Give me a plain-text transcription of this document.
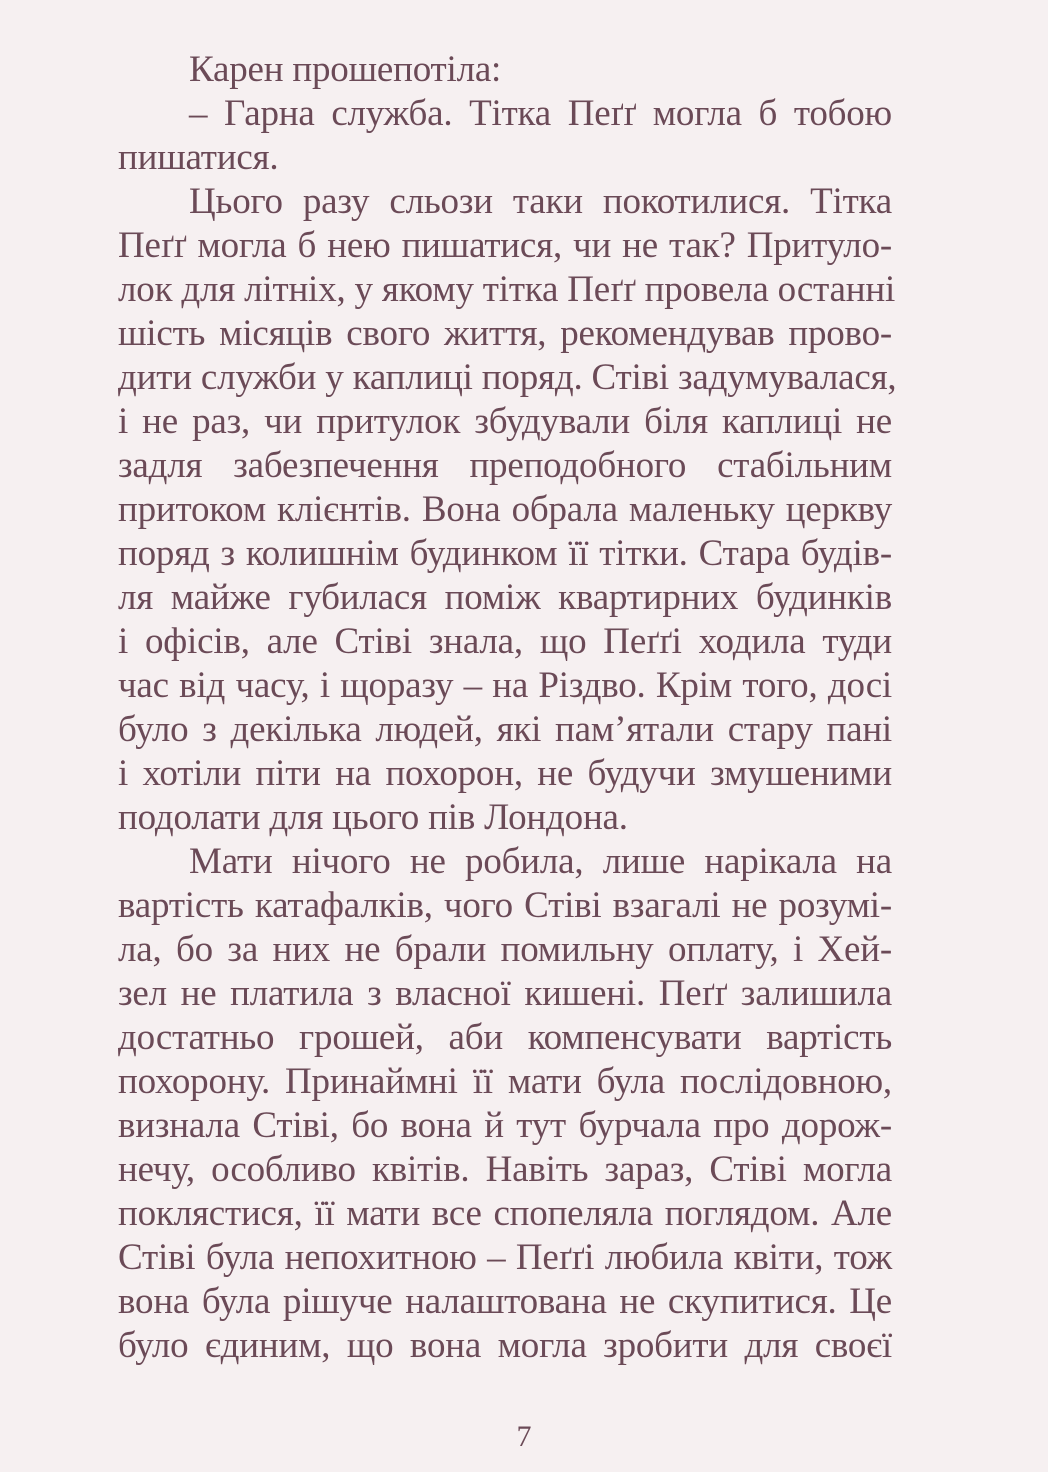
Карен прошепотіла:
– Гарна служба. Тітка Пеґґ могла б тобою
пишатися.
Цього разу сльози таки покотилися. Тітка
Пеґґ могла б нею пишатися, чи не так? Притуло-
лок для літніх, у якому тітка Пеґґ провела останні
шість місяців свого життя, рекомендував прово-
дити служби у каплиці поряд. Стіві задумувалася,
і не раз, чи притулок збудували біля каплиці не
задля забезпечення преподобного стабільним
притоком клієнтів. Вона обрала маленьку церкву
поряд з колишнім будинком її тітки. Стара будів-
ля майже губилася поміж квартирних будинків
і офісів, але Стіві знала, що Пеґґі ходила туди
час від часу, і щоразу – на Різдво. Крім того, досі
було з декілька людей, які пам’ятали стару пані
і хотіли піти на похорон, не будучи змушеними
подолати для цього пів Лондона.
Мати нічого не робила, лише нарікала на
вартість катафалків, чого Стіві взагалі не розумі-
ла, бо за них не брали помильну оплату, і Хей-
зел не платила з власної кишені. Пеґґ залишила
достатньо грошей, аби компенсувати вартість
похорону. Принаймні її мати була послідовною,
визнала Стіві, бо вона й тут бурчала про дорож-
нечу, особливо квітів. Навіть зараз, Стіві могла
поклястися, її мати все спопеляла поглядом. Але
Стіві була непохитною – Пеґґі любила квіти, тож
вона була рішуче налаштована не скупитися. Це
було єдиним, що вона могла зробити для своєї
7
